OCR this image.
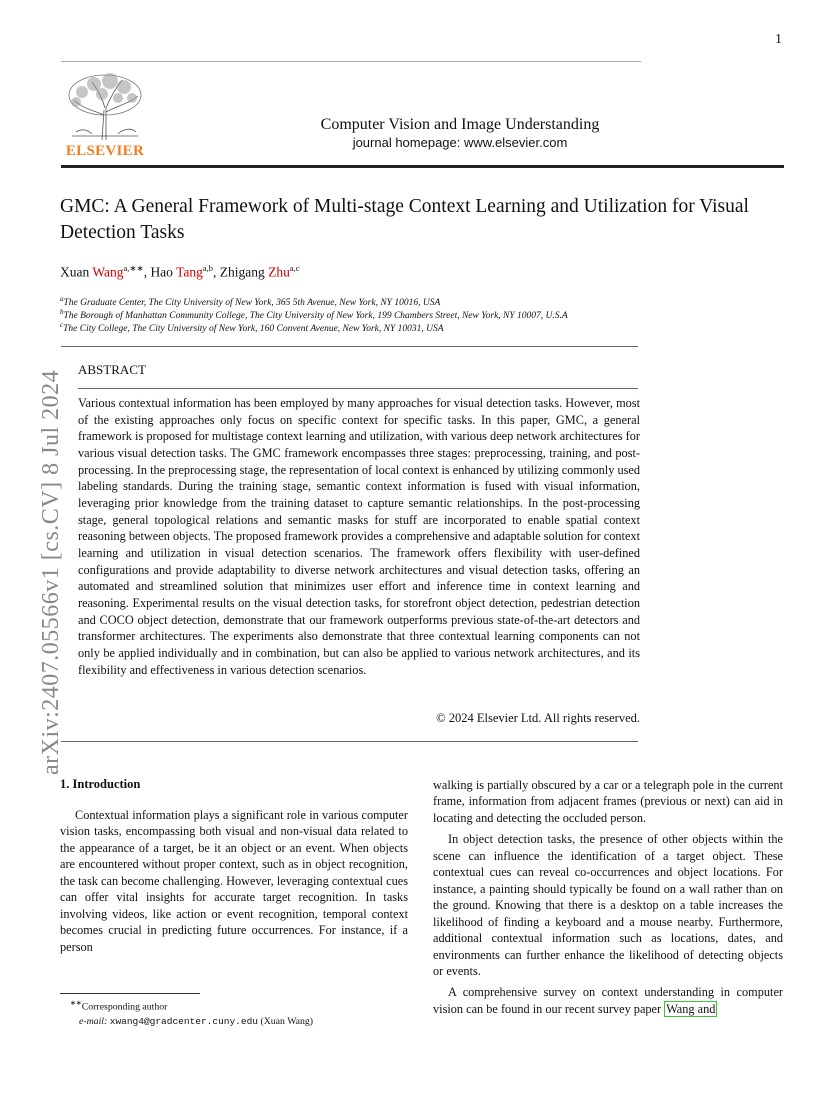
1
ELSEVIER
Computer Vision and Image Understanding
journal homepage: www.elsevier.com
GMC: A General Framework of Multi-stage Context Learning and Utilization for Visual Detection Tasks
Xuan Wang$^{a,∗∗}$, Hao Tang$^{a,b}$, Zhigang Zhu$^{a,c}$
$^a$The Graduate Center, The City University of New York, 365 5th Avenue, New York, NY 10016, USA
$^b$The Borough of Manhattan Community College, The City University of New York, 199 Chambers Street, New York, NY 10007, U.S.A
$^c$The City College, The City University of New York, 160 Convent Avenue, New York, NY 10031, USA
ABSTRACT
Various contextual information has been employed by many approaches for visual detection tasks. However, most of the existing approaches only focus on specific context for specific tasks. In this paper, GMC, a general framework is proposed for multistage context learning and utilization, with various deep network architectures for various visual detection tasks. The GMC framework encompasses three stages: preprocessing, training, and post-processing. In the preprocessing stage, the representation of local context is enhanced by utilizing commonly used labeling standards. During the training stage, semantic context information is fused with visual information, leveraging prior knowledge from the training dataset to capture semantic relationships. In the post-processing stage, general topological relations and semantic masks for stuff are incorporated to enable spatial context reasoning between objects. The proposed framework provides a comprehensive and adaptable solution for context learning and utilization in visual detection scenarios. The framework offers flexibility with user-defined configurations and provide adaptability to diverse network architectures and visual detection tasks, offering an automated and streamlined solution that minimizes user effort and inference time in context learning and reasoning. Experimental results on the visual detection tasks, for storefront object detection, pedestrian detection and COCO object detection, demonstrate that our framework outperforms previous state-of-the-art detectors and transformer architectures. The experiments also demonstrate that three contextual learning components can not only be applied individually and in combination, but can also be applied to various network architectures, and its flexibility and effectiveness in various detection scenarios.
© 2024 Elsevier Ltd. All rights reserved.
arXiv:2407.05566v1 [cs.CV] 8 Jul 2024
1. Introduction

Contextual information plays a significant role in various computer vision tasks, encompassing both visual and non-visual data related to the appearance of a target, be it an object or an event. When objects are encountered without proper context, such as in object recognition, the task can become challenging. However, leveraging contextual cues can offer vital insights for accurate target recognition. In tasks involving videos, like action or event recognition, temporal context becomes crucial in predicting future occurrences. For instance, if a person

walking is partially obscured by a car or a telegraph pole in the current frame, information from adjacent frames (previous or next) can aid in locating and detecting the occluded person.

In object detection tasks, the presence of other objects within the scene can influence the identification of a target object. These contextual cues can reveal co-occurrences and object locations. For instance, a painting should typically be found on a wall rather than on the ground. Knowing that there is a desktop on a table increases the likelihood of finding a keyboard and a mouse nearby. Furthermore, additional contextual information such as locations, dates, and environments can further enhance the likelihood of detecting objects or events.

A comprehensive survey on context understanding in computer vision can be found in our recent survey paper Wang and

∗∗Corresponding author
e-mail: xwang4@gradcenter.cuny.edu (Xuan Wang)
